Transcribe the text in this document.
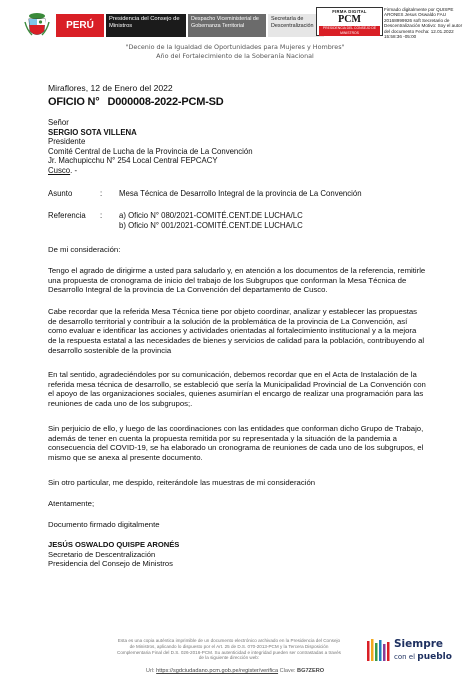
PERÚ
Presidencia del Consejo de Ministros
Despacho Viceministerial de Gobernanza Territorial
Secretaría de Descentralización
FIRMA DIGITAL
PCM
PRESIDENCIA DEL CONSEJO DE MINISTROS
Firmado digitalmente por QUISPE ARONES Jesus Oswaldo FAU 20168999926 soft Secretario de Descentralización Motivo: Soy el autor del documento Fecha: 12.01.2022 15:58:36 -05:00
"Decenio de la Igualdad de Oportunidades para Mujeres y Hombres"
Año del Fortalecimiento de la Soberanía Nacional
Miraflores, 12 de Enero del 2022
OFICIO N° D000008-2022-PCM-SD
Señor
SERGIO SOTA VILLENA
Presidente
Comité Central de Lucha de la Provincia de La Convención
Jr. Machupicchu N° 254 Local Central FEPCACY
Cusco. -
Asunto	: Mesa Técnica de Desarrollo Integral de la provincia de La Convención
Referencia : a) Oficio N° 080/2021-COMITÉ.CENT.DE LUCHA/LC
b) Oficio N° 001/2021-COMITÉ.CENT.DE LUCHA/LC
De mi consideración:
Tengo el agrado de dirigirme a usted para saludarlo y, en atención a los documentos de la referencia, remitirle una propuesta de cronograma de inicio del trabajo de los Subgrupos que conforman la Mesa Técnica de Desarrollo Integral de la provincia de La Convención del departamento de Cusco.
Cabe recordar que la referida Mesa Técnica tiene por objeto coordinar, analizar y establecer las propuestas de desarrollo territorial y contribuir a la solución de la problemática de la provincia de La Convención, así como evaluar e identificar las acciones y actividades orientadas al fortalecimiento institucional y a la mejora de la respuesta estatal a las necesidades de bienes y servicios de calidad para la población, contribuyendo al desarrollo sostenible de la provincia
En tal sentido, agradeciéndoles por su comunicación, debemos recordar que en el Acta de Instalación de la referida mesa técnica de desarrollo, se estableció que sería la Municipalidad Provincial de La Convención con el apoyo de las organizaciones sociales, quienes asumirían el encargo de realizar una programación para las reuniones de cada uno de los subgrupos;.
Sin perjuicio de ello, y luego de las coordinaciones con las entidades que conforman dicho Grupo de Trabajo, además de tener en cuenta la propuesta remitida por su representada y la situación de la pandemia a consecuencia del COVID-19, se ha elaborado un cronograma de reuniones de cada uno de los subgrupos, el mismo que se anexa al presente documento.
Sin otro particular, me despido, reiterándole las muestras de mi consideración
Atentamente;
Documento firmado digitalmente
JESÚS OSWALDO QUISPE ARONÉS
Secretario de Descentralización
Presidencia del Consejo de Ministros
Esta es una copia auténtica imprimible de un documento electrónico archivado en la Presidencia del Consejo de Ministros, aplicando lo dispuesto por el Art. 25 de D.S. 070-2013-PCM y la Tercera Disposición Complementaria Final del D.S. 026-2016-PCM. Su autenticidad e integridad pueden ser contrastadas a través de la siguiente dirección web:
Url: https://sgdciudadano.pcm.gob.pe/register/verifica Clave: BG7ZERO
Siempre
con el pueblo
